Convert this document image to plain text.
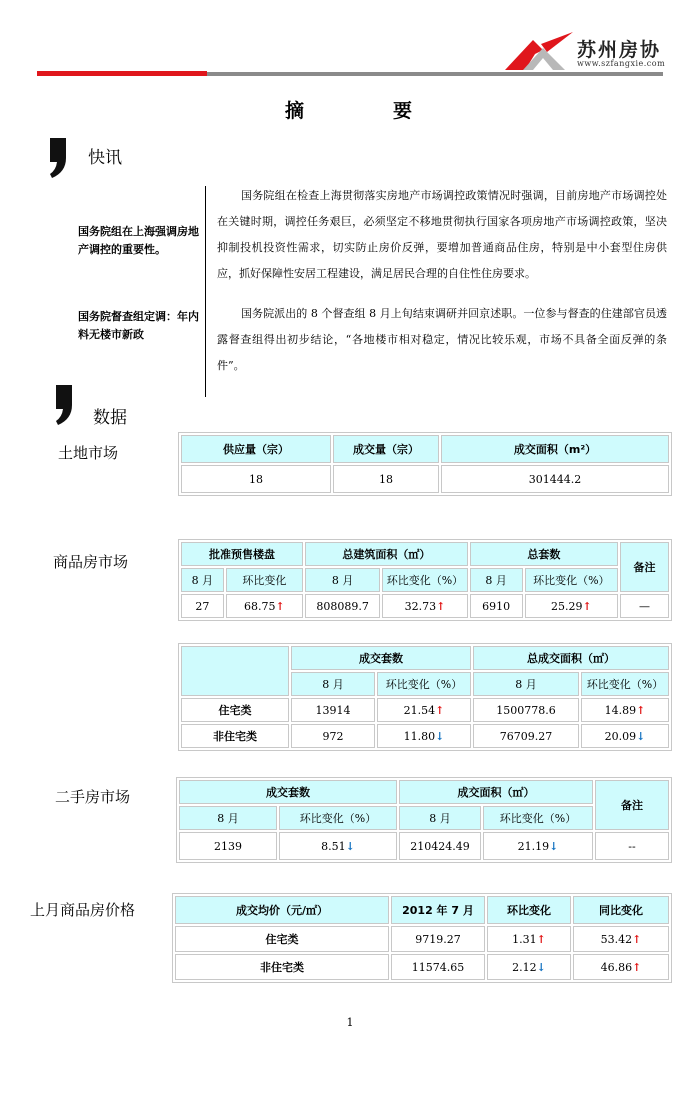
苏州房协
www.szfangxie.com
摘	要
快讯
国务院组在上海强调房地产调控的重要性。
国务院组在检查上海贯彻落实房地产市场调控政策情况时强调，目前房地产市场调控处在关键时期，调控任务艰巨，必须坚定不移地贯彻执行国家各项房地产市场调控政策，坚决抑制投机投资性需求，切实防止房价反弹，要增加普通商品住房，特别是中小套型住房供应，抓好保障性安居工程建设，满足居民合理的自住性住房要求。
国务院督查组定调：年内料无楼市新政
国务院派出的 8 个督查组 8 月上旬结束调研并回京述职。一位参与督查的住建部官员透露督查组得出初步结论，“各地楼市相对稳定，情况比较乐观，市场不具备全面反弹的条件”。
数据
土地市场	供应量（宗）	成交量（宗）	成交面积（m²）
18	18	301444.2
商品房市场	批准预售楼盘		总建筑面积（㎡）		总套数		备注
8 月	环比变化	8 月	环比变化（%）	8 月	环比变化（%）	
27	68.75↑	808089.7	32.73↑	6910	25.29↑	—
	成交套数		总成交面积（㎡）	
	8 月	环比变化（%）	8 月	环比变化（%）
住宅类	13914	21.54↑	1500778.6	14.89↑
非住宅类	972	11.80↓	76709.27	20.09↓
二手房市场	成交套数		成交面积（㎡）		备注
8 月	环比变化（%）	8 月	环比变化（%）	
2139	8.51↓	210424.49	21.19↓	--
上月商品房价格	成交均价（元/㎡）	2012 年 7 月	环比变化	同比变化
住宅类	9719.27	1.31↑	53.42↑
非住宅类	11574.65	2.12↓	46.86↑
1
